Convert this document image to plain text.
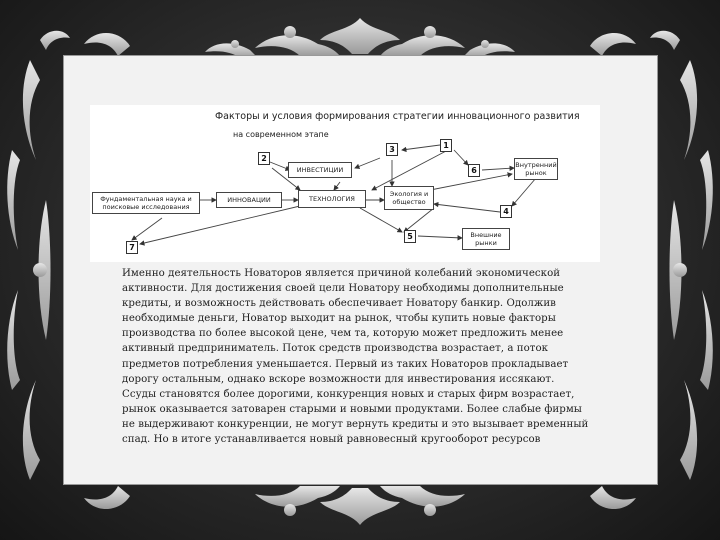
Факторы и условия формирования стратегии инновационного развития
на современном этапе
ИНВЕСТИЦИИ
ТЕХНОЛОГИЯ
ИННОВАЦИИ
Фундаментальная наука и поисковые исследования
Экология и общество
Внутренний рынок
Внешние рынки
1
2
3
4
5
6
7
Именно деятельность Новаторов является причиной колебаний экономической
активности. Для достижения своей цели Новатору необходимы дополнительные
кредиты, и возможность действовать обеспечивает Новатору банкир. Одолжив
необходимые деньги, Новатор выходит на рынок, чтобы купить новые факторы
производства по более высокой цене, чем та, которую может предложить менее
активный предприниматель. Поток средств производства возрастает, а поток
предметов потребления уменьшается. Первый из таких Новаторов прокладывает
дорогу остальным, однако вскоре возможности для инвестирования иссякают.
Ссуды становятся более дорогими, конкуренция новых и старых фирм возрастает,
рынок оказывается затоварен старыми и новыми продуктами. Более слабые фирмы
не выдерживают конкуренции, не могут вернуть кредиты и это вызывает временный
спад. Но в итоге устанавливается новый равновесный кругооборот ресурсов
